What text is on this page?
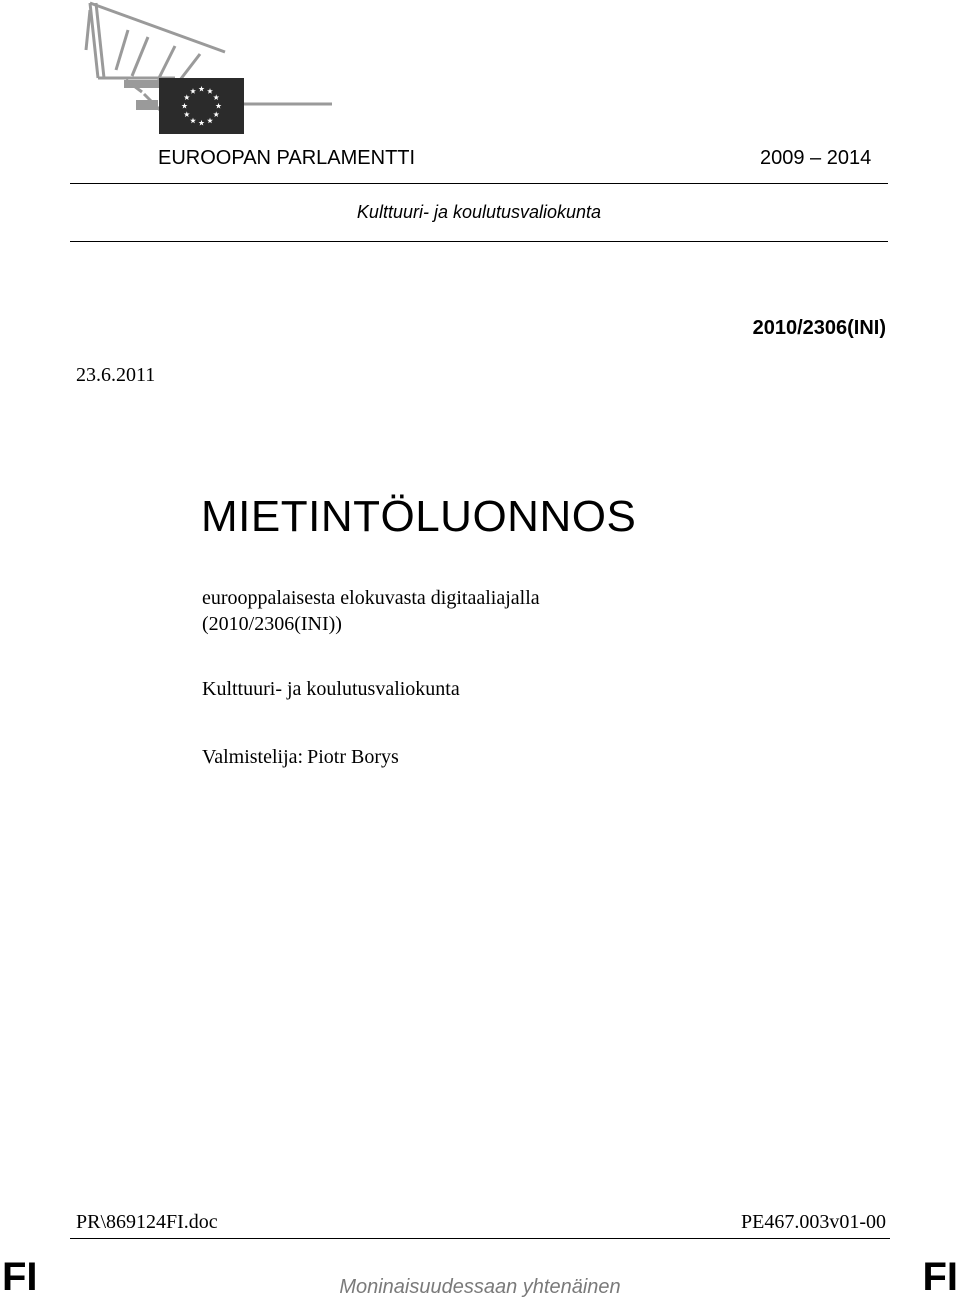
EUROOPAN PARLAMENTTI	2009 – 2014
Kulttuuri- ja koulutusvaliokunta
2010/2306(INI)
23.6.2011
MIETINTÖLUONNOS
eurooppalaisesta elokuvasta digitaaliajalla
(2010/2306(INI))
Kulttuuri- ja koulutusvaliokunta
Valmistelija: Piotr Borys
PR\869124FI.doc	PE467.003v01-00
FI	FI
Moninaisuudessaan yhtenäinen
